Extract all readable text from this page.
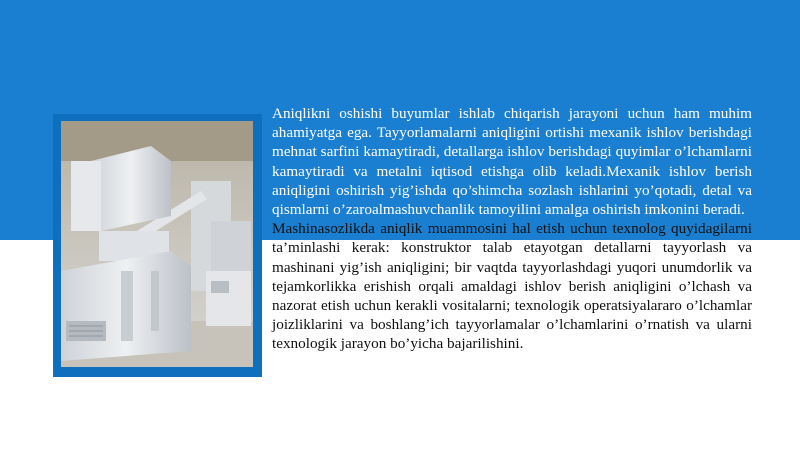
Aniqlikni oshishi buyumlar ishlab chiqarish jarayoni uchun ham muhim ahamiyatga ega. Tayyorlamalarni aniqligini ortishi mexanik ishlov berishdagi mehnat sarfini kamaytiradi, detallarga ishlov berishdagi quyimlar o’lchamlarni kamaytiradi va metalni iqtisod etishga olib keladi.Mexanik ishlov berish aniqligini oshirish yig’ishda qo’shimcha sozlash ishlarini yo’qotadi, detal va qismlarni o’zaroalmashuvchanlik tamoyilini amalga oshirish imkonini beradi.

Mashinasozlikda aniqlik muammosini hal etish uchun texnolog quyidagilarni ta’minlashi kerak: konstruktor talab etayotgan detallarni tayyorlash va mashinani yig’ish aniqligini; bir vaqtda tayyorlashdagi yuqori unumdorlik va tejamkorlikka erishish orqali amaldagi ishlov berish aniqligini o’lchash va nazorat etish uchun kerakli vositalarni; texnologik operatsiyalararo o’lchamlar joizliklarini va boshlang’ich tayyorlamalar o’lchamlarini o’rnatish va ularni texnologik jarayon bo’yicha bajarilishini.
